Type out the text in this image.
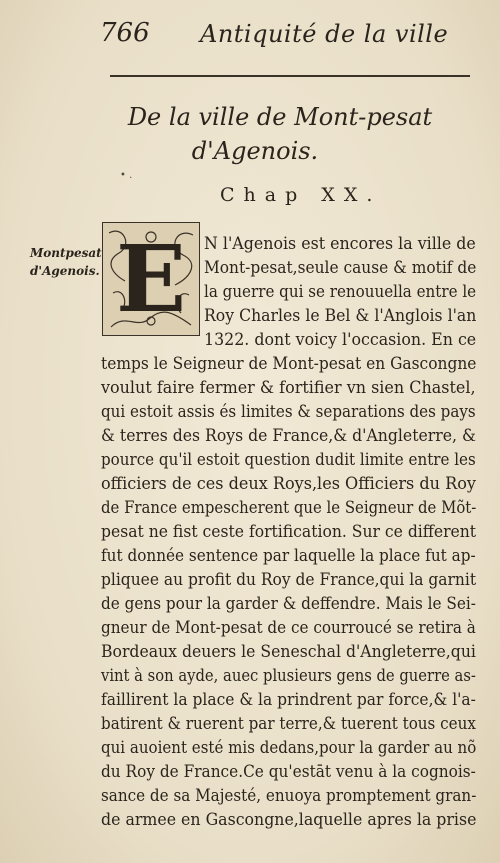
766 Antiquité de la ville
De la ville de Mont-pesat
d'Agenois.
• .
Chap XX.
Montpesat
d'Agenois. E	N l'Agenois est encores la ville de
Mont-pesat,seule cause & motif de
la guerre qui se renouuella entre le
Roy Charles le Bel & l'Anglois l'an
1322. dont voicy l'occasion. En ce
temps le Seigneur de Mont-pesat en Gascongne
voulut faire fermer & fortifier vn sien Chastel,
qui estoit assis és limites & separations des pays
& terres des Roys de France,& d'Angleterre, &
pource qu'il estoit question dudit limite entre les
officiers de ces deux Roys,les Officiers du Roy
de France empescherent que le Seigneur de Mõt-
pesat ne fist ceste fortification. Sur ce different
fut donnée sentence par laquelle la place fut ap-
pliquee au profit du Roy de France,qui la garnit
de gens pour la garder & deffendre. Mais le Sei-
gneur de Mont-pesat de ce courroucé se retira à
Bordeaux deuers le Seneschal d'Angleterre,qui
vint à son ayde, auec plusieurs gens de guerre as-
faillirent la place & la prindrent par force,& l'a-
batirent & ruerent par terre,& tuerent tous ceux
qui auoient esté mis dedans,pour la garder au nõ
du Roy de France.Ce qu'estāt venu à la cognois-
sance de sa Majesté, enuoya promptement gran-
de armee en Gascongne,laquelle apres la prise
